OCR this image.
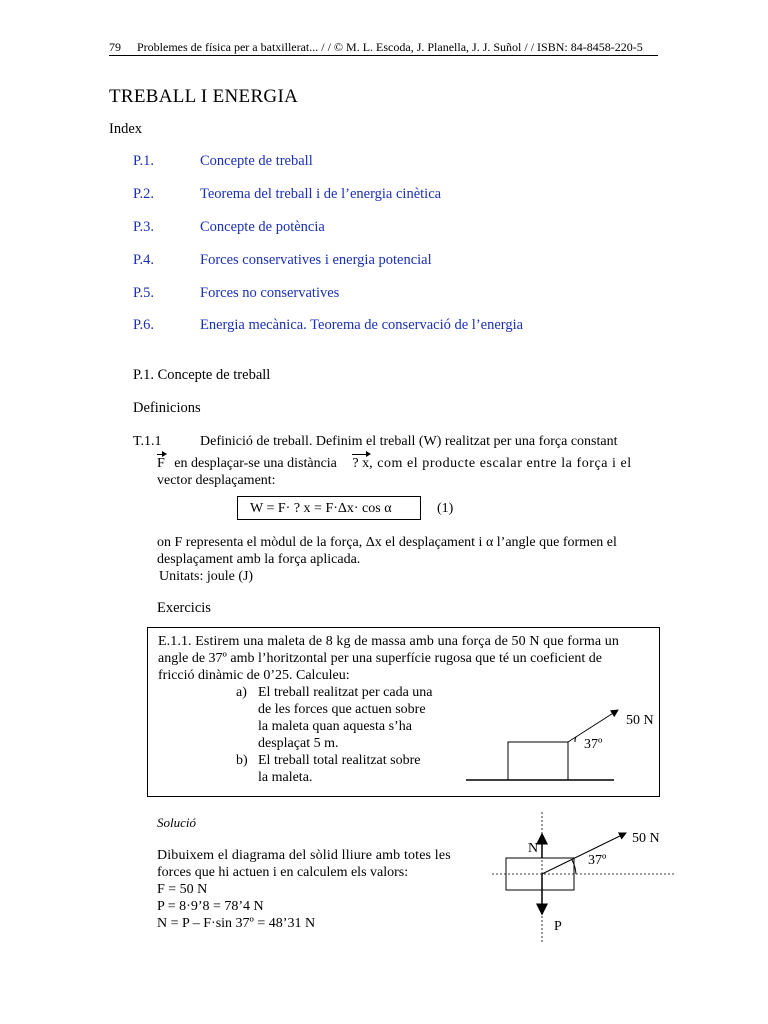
79 Problemes de física per a batxillerat... / / © M. L. Escoda, J. Planella, J. J. Suñol / / ISBN: 84-8458-220-5
TREBALL I ENERGIA
Index
P.1.	Concepte de treball
P.2.	Teorema del treball i de l’energia cinètica
P.3.	Concepte de potència
P.4.	Forces conservatives i energia potencial
P.5.	Forces no conservatives
P.6.	Energia mecànica. Teorema de conservació de l’energia
P.1. Concepte de treball
Definicions
T.1.1	Definició de treball. Definim el treball (W) realitzat per una força constant
F en desplaçar-se una distància ? x, com el producte escalar entre la força i el
vector desplaçament:
W = F· ? x = F·Δx· cos α	(1)
on F representa el mòdul de la força, Δx el desplaçament i α l’angle que formen el
desplaçament amb la força aplicada.
Unitats: joule (J)
Exercicis
E.1.1. Estirem una maleta de 8 kg de massa amb una força de 50 N que forma un
angle de 37º amb l’horitzontal per una superfície rugosa que té un coeficient de
fricció dinàmic de 0’25. Calculeu:
a) El treball realitzat per cada una
de les forces que actuen sobre
la maleta quan aquesta s’ha
desplaçat 5 m.
b) El treball total realitzat sobre
la maleta.
50 N
37º
Solució
Dibuixem el diagrama del sòlid lliure amb totes les
forces que hi actuen i en calculem els valors:
F = 50 N
P = 8·9’8 = 78’4 N
N = P – F·sin 37º = 48’31 N
50 N
37º
N
P
